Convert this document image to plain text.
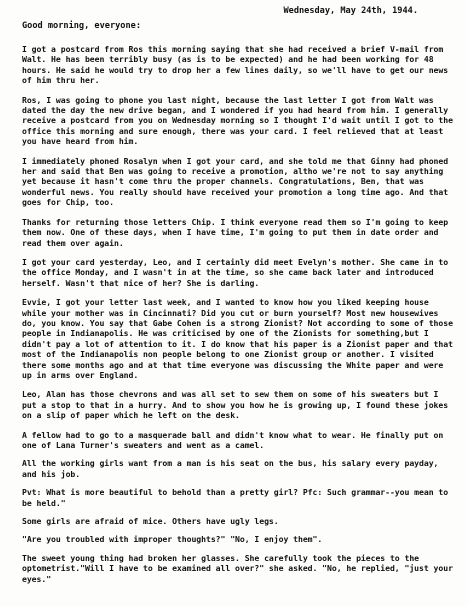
Wednesday, May 24th, 1944.
Good morning, everyone:
I got a postcard from Ros this morning saying that she had received a brief V-mail from Walt. He has been terribly busy (as is to be expected) and he had been working for 48 hours. He said he would try to drop her a few lines daily, so we'll have to get our news of him thru her.
Ros, I was going to phone you last night, because the last letter I got from Walt was dated the day the new drive began, and I wondered if you had heard from him. I generally receive a postcard from you on Wednesday morning so I thought I'd wait until I got to the office this morning and sure enough, there was your card. I feel relieved that at least you have heard from him.
I immediately phoned Rosalyn when I got your card, and she told me that Ginny had phoned her and said that Ben was going to receive a promotion, altho we're not to say anything yet because it hasn't come thru the proper channels. Congratulations, Ben, that was wonderful news. You really should have received your promotion a long time ago. And that goes for Chip, too.
Thanks for returning those letters Chip. I think everyone read them so I'm going to keep them now. One of these days, when I have time, I'm going to put them in date order and read them over again.
I got your card yesterday, Leo, and I certainly did meet Evelyn's mother. She came in to the office Monday, and I wasn't in at the time, so she came back later and introduced herself. Wasn't that nice of her? She is darling.
Evvie, I got your letter last week, and I wanted to know how you liked keeping house while your mother was in Cincinnati? Did you cut or burn yourself? Most new housewives do, you know. You say that Gabe Cohen is a strong Zionist? Not according to some of those people in Indianapolis. He was criticised by one of the Zionists for something,but I didn't pay a lot of attention to it. I do know that his paper is a Zionist paper and that most of the Indianapolis non people belong to one Zionist group or another. I visited there some months ago and at that time everyone was discussing the White paper and were up in arms over England.
Leo, Alan has those chevrons and was all set to sew them on some of his sweaters but I put a stop to that in a hurry. And to show you how he is growing up, I found these jokes on a slip of paper which he left on the desk.
A fellow had to go to a masquerade ball and didn't know what to wear. He finally put on one of Lana Turner's sweaters and went as a camel.
All the working girls want from a man is his seat on the bus, his salary every payday, and his job.
Pvt: What is more beautiful to behold than a pretty girl? Pfc: Such grammar--you mean to be held."
Some girls are afraid of mice. Others have ugly legs.
"Are you troubled with improper thoughts?" "No, I enjoy them".
The sweet young thing had broken her glasses. She carefully took the pieces to the optometrist."Will I have to be examined all over?" she asked. "No, he replied, "just your eyes."
